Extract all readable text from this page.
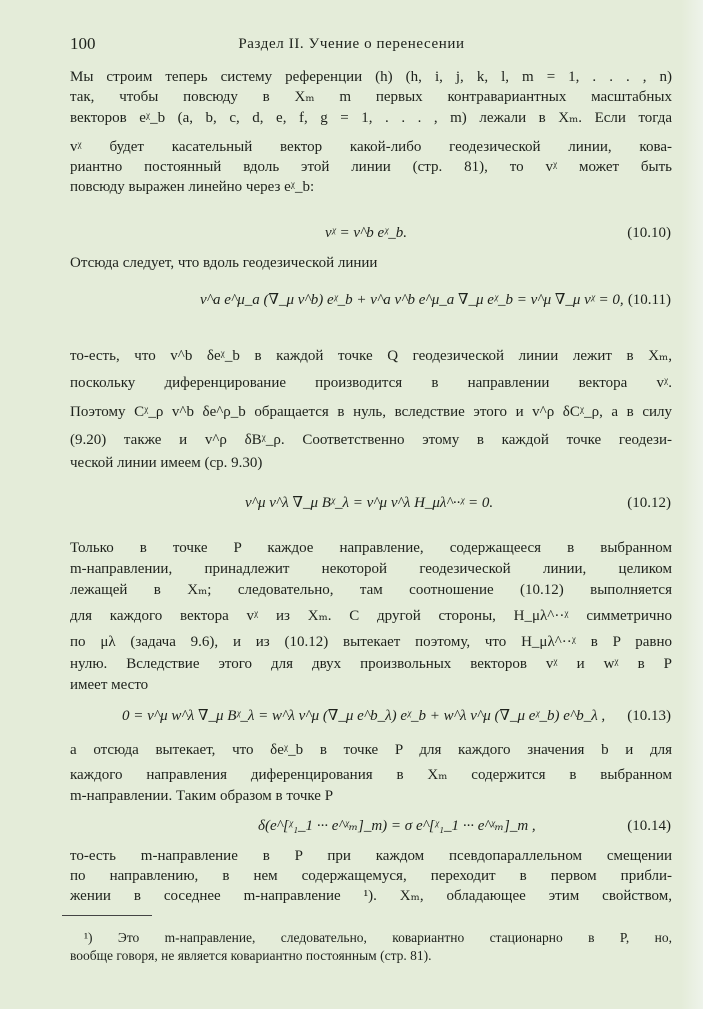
100	Раздел II. Учение о перенесении
Мы строим теперь систему референции (h) (h, i, j, k, l, m = 1, . . . , n)
так, чтобы повсюду в Xₘ m первых контравариантных масштабных
векторов eᵡ_b (a, b, c, d, e, f, g = 1, . . . , m) лежали в Xₘ. Если тогда
vᵡ будет касательный вектор какой-либо геодезической линии, кова-
риантно постоянный вдоль этой линии (стр. 81), то vᵡ может быть
повсюду выражен линейно через eᵡ_b:
vᵡ = v^b eᵡ_b.	(10.10)
Отсюда следует, что вдоль геодезической линии
v^a e^μ_a (∇_μ v^b) eᵡ_b + v^a v^b e^μ_a ∇_μ eᵡ_b = v^μ ∇_μ vᵡ = 0, (10.11)
то-есть, что v^b δeᵡ_b в каждой точке Q геодезической линии лежит в Xₘ,
поскольку диференцирование производится в направлении вектора vᵡ.
Поэтому Cᵡ_ρ v^b δe^ρ_b обращается в нуль, вследствие этого и v^ρ δCᵡ_ρ, а в силу
(9.20) также и v^ρ δBᵡ_ρ. Соответственно этому в каждой точке геодези-
ческой линии имеем (ср. 9.30)
v^μ v^λ ∇_μ Bᵡ_λ = v^μ v^λ H_μλ^··ᵡ = 0.	(10.12)
Только в точке P каждое направление, содержащееся в выбранном
m-направлении, принадлежит некоторой геодезической линии, целиком
лежащей в Xₘ; следовательно, там соотношение (10.12) выполняется
для каждого вектора vᵡ из Xₘ. С другой стороны, H_μλ^··ᵡ симметрично
по μλ (задача 9.6), и из (10.12) вытекает поэтому, что H_μλ^··ᵡ в P равно
нулю. Вследствие этого для двух произвольных векторов vᵡ и wᵡ в P
имеет место
0 = v^μ w^λ ∇_μ Bᵡ_λ = w^λ v^μ (∇_μ e^b_λ) eᵡ_b + w^λ v^μ (∇_μ eᵡ_b) e^b_λ , (10.13)
а отсюда вытекает, что δeᵡ_b в точке P для каждого значения b и для
каждого направления диференцирования в Xₘ содержится в выбранном
m-направлении. Таким образом в точке P
δ(e^[ᵡ₁_1 ··· e^ᵡₘ]_m) = σ e^[ᵡ₁_1 ··· e^ᵡₘ]_m ,	(10.14)
то-есть m-направление в P при каждом псевдопараллельном смещении
по направлению, в нем содержащемуся, переходит в первом прибли-
жении в соседнее m-направление ¹). Xₘ, обладающее этим свойством,
¹) Это m-направление, следовательно, ковариантно стационарно в P, но,
вообще говоря, не является ковариантно постоянным (стр. 81).
